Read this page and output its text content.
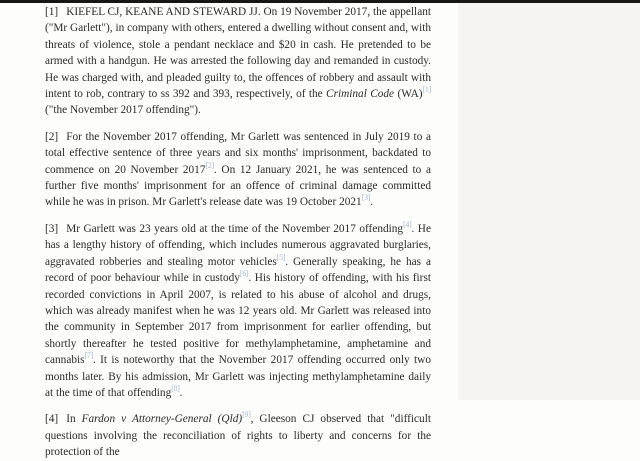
[1] KIEFEL CJ, KEANE AND STEWARD JJ. On 19 November 2017, the appellant ("Mr Garlett"), in company with others, entered a dwelling without consent and, with threats of violence, stole a pendant necklace and $20 in cash. He pretended to be armed with a handgun. He was arrested the following day and remanded in custody. He was charged with, and pleaded guilty to, the offences of robbery and assault with intent to rob, contrary to ss 392 and 393, respectively, of the Criminal Code (WA)[1] ("the November 2017 offending").

[2] For the November 2017 offending, Mr Garlett was sentenced in July 2019 to a total effective sentence of three years and six months' imprisonment, backdated to commence on 20 November 2017[2]. On 12 January 2021, he was sentenced to a further five months' imprisonment for an offence of criminal damage committed while he was in prison. Mr Garlett's release date was 19 October 2021[3].

[3] Mr Garlett was 23 years old at the time of the November 2017 offending[4]. He has a lengthy history of offending, which includes numerous aggravated burglaries, aggravated robberies and stealing motor vehicles[5]. Generally speaking, he has a record of poor behaviour while in custody[6]. His history of offending, with his first recorded convictions in April 2007, is related to his abuse of alcohol and drugs, which was already manifest when he was 12 years old. Mr Garlett was released into the community in September 2017 from imprisonment for earlier offending, but shortly thereafter he tested positive for methylamphetamine, amphetamine and cannabis[7]. It is noteworthy that the November 2017 offending occurred only two months later. By his admission, Mr Garlett was injecting methylamphetamine daily at the time of that offending[8].

[4] In Fardon v Attorney-General (Qld)[9], Gleeson CJ observed that "difficult questions involving the reconciliation of rights to liberty and concerns for the protection of the
